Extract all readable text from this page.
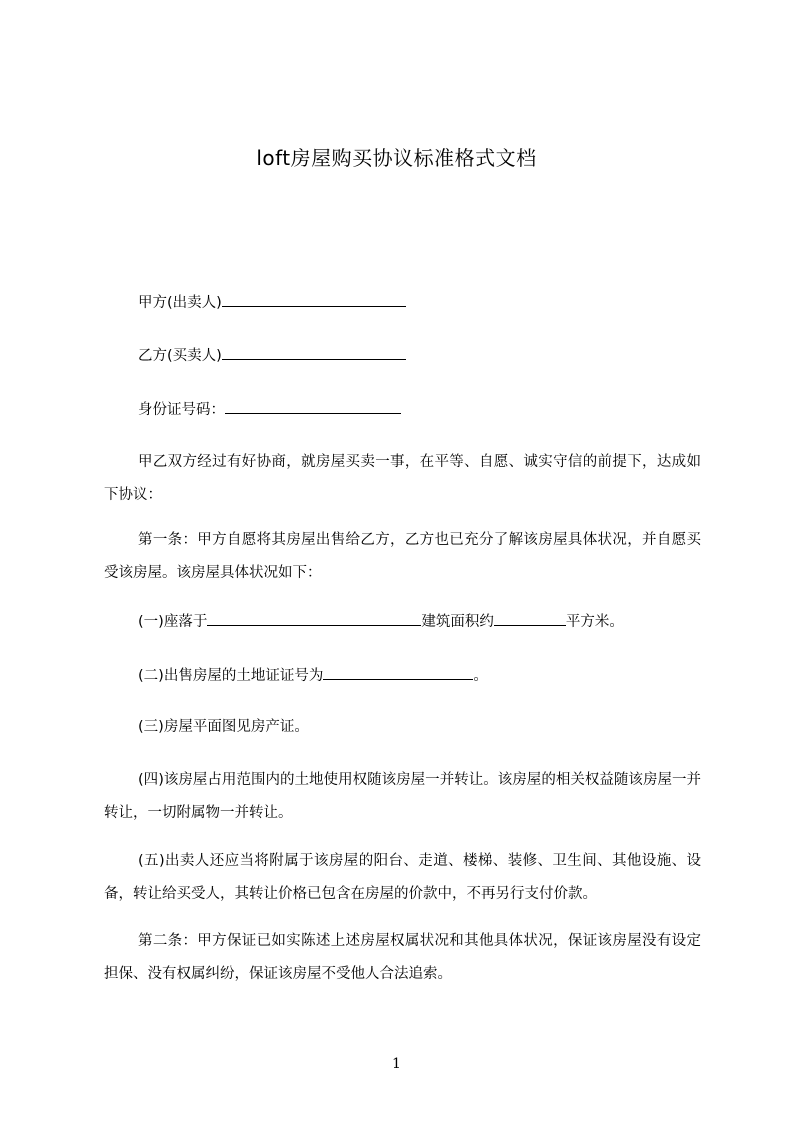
loft房屋购买协议标准格式文档
甲方(出卖人)
乙方(买卖人)
身份证号码：
甲乙双方经过有好协商，就房屋买卖一事，在平等、自愿、诚实守信的前提下，达成如下协议：
第一条：甲方自愿将其房屋出售给乙方，乙方也已充分了解该房屋具体状况，并自愿买受该房屋。该房屋具体状况如下：
(一)座落于	建筑面积约	平方米。
(二)出售房屋的土地证证号为	。
(三)房屋平面图见房产证。
(四)该房屋占用范围内的土地使用权随该房屋一并转让。该房屋的相关权益随该房屋一并转让，一切附属物一并转让。
(五)出卖人还应当将附属于该房屋的阳台、走道、楼梯、装修、卫生间、其他设施、设备，转让给买受人，其转让价格已包含在房屋的价款中，不再另行支付价款。
第二条：甲方保证已如实陈述上述房屋权属状况和其他具体状况，保证该房屋没有设定担保、没有权属纠纷，保证该房屋不受他人合法追索。
1
